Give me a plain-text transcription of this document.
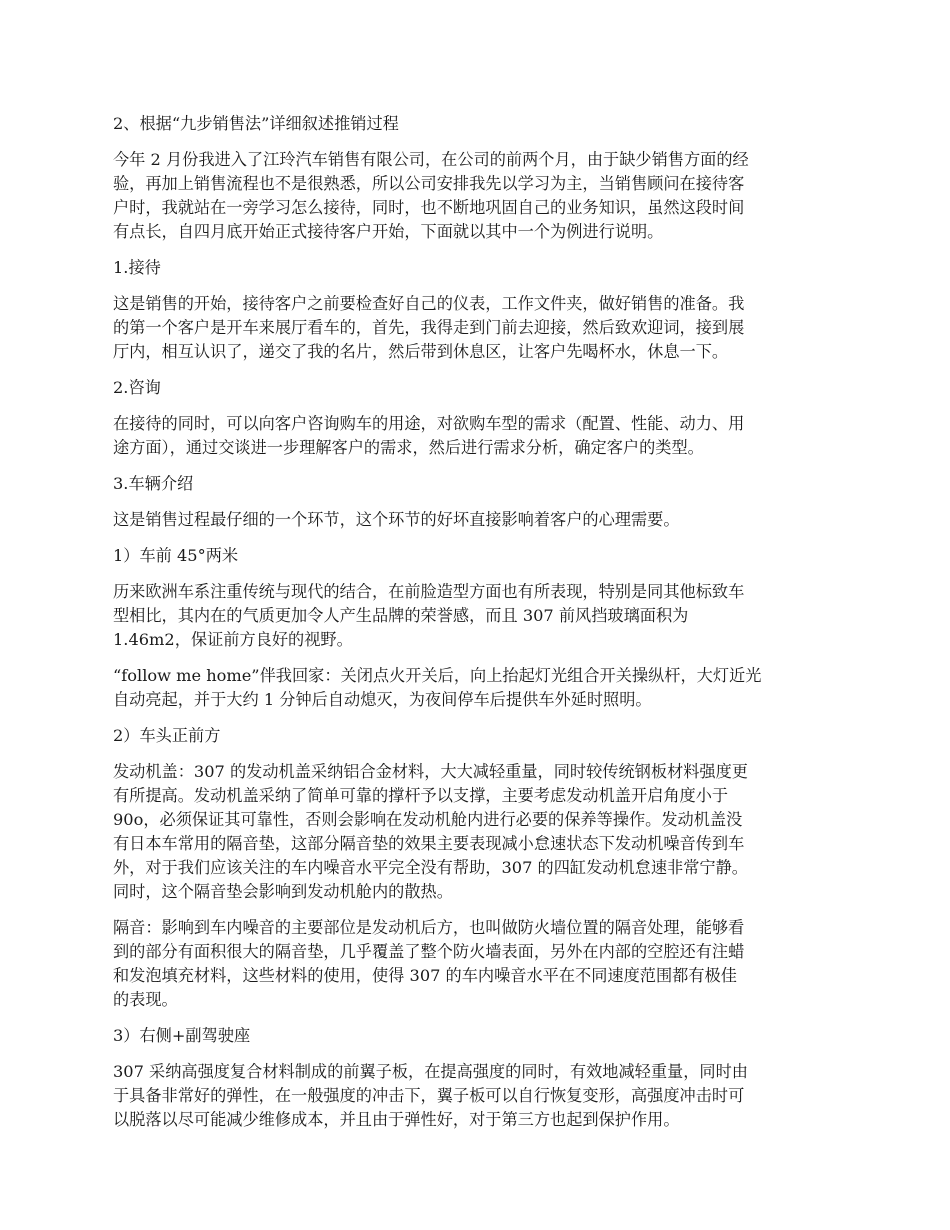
2、根据“九步销售法”详细叙述推销过程
今年 2 月份我进入了江玲汽车销售有限公司，在公司的前两个月，由于缺少销售方面的经
验，再加上销售流程也不是很熟悉，所以公司安排我先以学习为主，当销售顾问在接待客
户时，我就站在一旁学习怎么接待，同时，也不断地巩固自己的业务知识，虽然这段时间
有点长，自四月底开始正式接待客户开始，下面就以其中一个为例进行说明。
1.接待
这是销售的开始，接待客户之前要检查好自己的仪表，工作文件夹，做好销售的准备。我
的第一个客户是开车来展厅看车的，首先，我得走到门前去迎接，然后致欢迎词，接到展
厅内，相互认识了，递交了我的名片，然后带到休息区，让客户先喝杯水，休息一下。
2.咨询
在接待的同时，可以向客户咨询购车的用途，对欲购车型的需求（配置、性能、动力、用
途方面），通过交谈进一步理解客户的需求，然后进行需求分析，确定客户的类型。
3.车辆介绍
这是销售过程最仔细的一个环节，这个环节的好坏直接影响着客户的心理需要。
1）车前 45°两米
历来欧洲车系注重传统与现代的结合，在前脸造型方面也有所表现，特别是同其他标致车
型相比，其内在的气质更加令人产生品牌的荣誉感，而且 307 前风挡玻璃面积为
1.46m2，保证前方良好的视野。
“follow me home”伴我回家：关闭点火开关后，向上抬起灯光组合开关操纵杆，大灯近光
自动亮起，并于大约 1 分钟后自动熄灭，为夜间停车后提供车外延时照明。
2）车头正前方
发动机盖：307 的发动机盖采纳铝合金材料，大大减轻重量，同时较传统钢板材料强度更
有所提高。发动机盖采纳了简单可靠的撑杆予以支撑，主要考虑发动机盖开启角度小于
90o，必须保证其可靠性，否则会影响在发动机舱内进行必要的保养等操作。发动机盖没
有日本车常用的隔音垫，这部分隔音垫的效果主要表现减小怠速状态下发动机噪音传到车
外，对于我们应该关注的车内噪音水平完全没有帮助，307 的四缸发动机怠速非常宁静。
同时，这个隔音垫会影响到发动机舱内的散热。
隔音：影响到车内噪音的主要部位是发动机后方，也叫做防火墙位置的隔音处理，能够看
到的部分有面积很大的隔音垫，几乎覆盖了整个防火墙表面，另外在内部的空腔还有注蜡
和发泡填充材料，这些材料的使用，使得 307 的车内噪音水平在不同速度范围都有极佳
的表现。
3）右侧+副驾驶座
307 采纳高强度复合材料制成的前翼子板，在提高强度的同时，有效地减轻重量，同时由
于具备非常好的弹性，在一般强度的冲击下，翼子板可以自行恢复变形，高强度冲击时可
以脱落以尽可能减少维修成本，并且由于弹性好，对于第三方也起到保护作用。
